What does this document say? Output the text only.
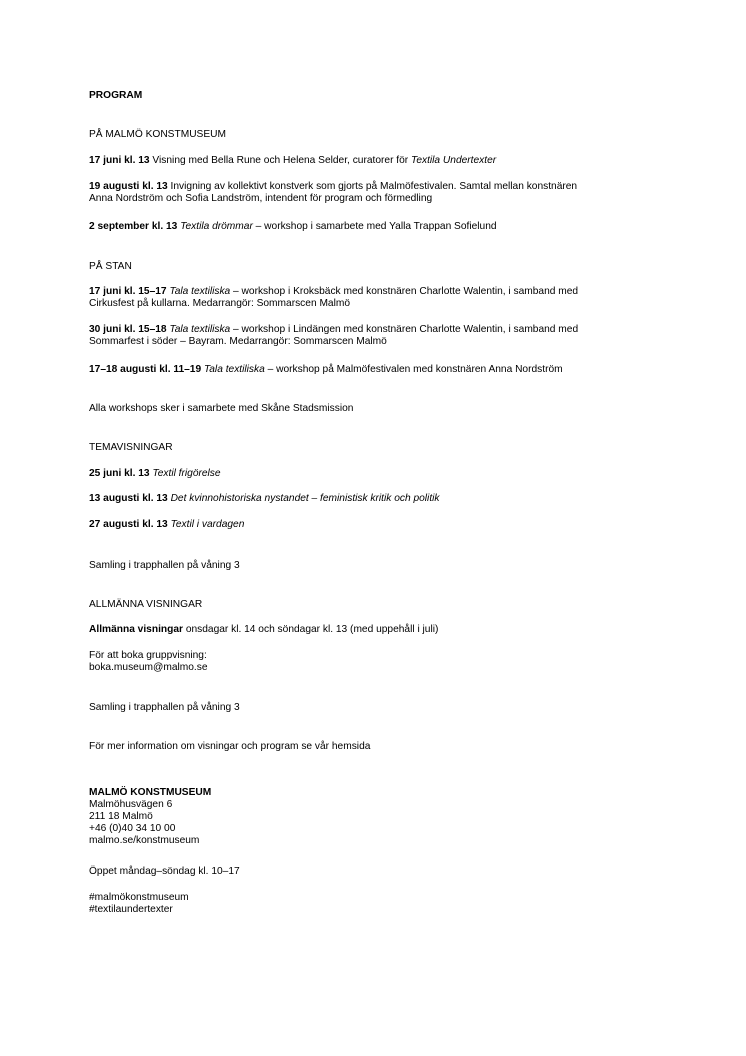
PROGRAM

PÅ MALMÖ KONSTMUSEUM

17 juni kl. 13 Visning med Bella Rune och Helena Selder, curatorer för Textila Undertexter

19 augusti kl. 13 Invigning av kollektivt konstverk som gjorts på Malmöfestivalen. Samtal mellan konstnären

Anna Nordström och Sofia Landström, intendent för program och förmedling

2 september kl. 13 Textila drömmar – workshop i samarbete med Yalla Trappan Sofielund

PÅ STAN

17 juni kl. 15–17 Tala textiliska – workshop i Kroksbäck med konstnären Charlotte Walentin, i samband med

Cirkusfest på kullarna. Medarrangör: Sommarscen Malmö

30 juni kl. 15–18 Tala textiliska – workshop i Lindängen med konstnären Charlotte Walentin, i samband med

Sommarfest i söder – Bayram. Medarrangör: Sommarscen Malmö

17–18 augusti kl. 11–19 Tala textiliska – workshop på Malmöfestivalen med konstnären Anna Nordström

Alla workshops sker i samarbete med Skåne Stadsmission

TEMAVISNINGAR

25 juni kl. 13 Textil frigörelse
13 augusti kl. 13 Det kvinnohistoriska nystandet – feministisk kritik och politik
27 augusti kl. 13 Textil i vardagen

Samling i trapphallen på våning 3

ALLMÄNNA VISNINGAR

Allmänna visningar onsdagar kl. 14 och söndagar kl. 13 (med uppehåll i juli)

För att boka gruppvisning:

boka.museum@malmo.se

Samling i trapphallen på våning 3

För mer information om visningar och program se vår hemsida

MALMÖ KONSTMUSEUM

Malmöhusvägen 6

211 18 Malmö

+46 (0)40 34 10 00

malmo.se/konstmuseum

Öppet måndag–söndag kl. 10–17

#malmökonstmuseum

#textilaundertexter
